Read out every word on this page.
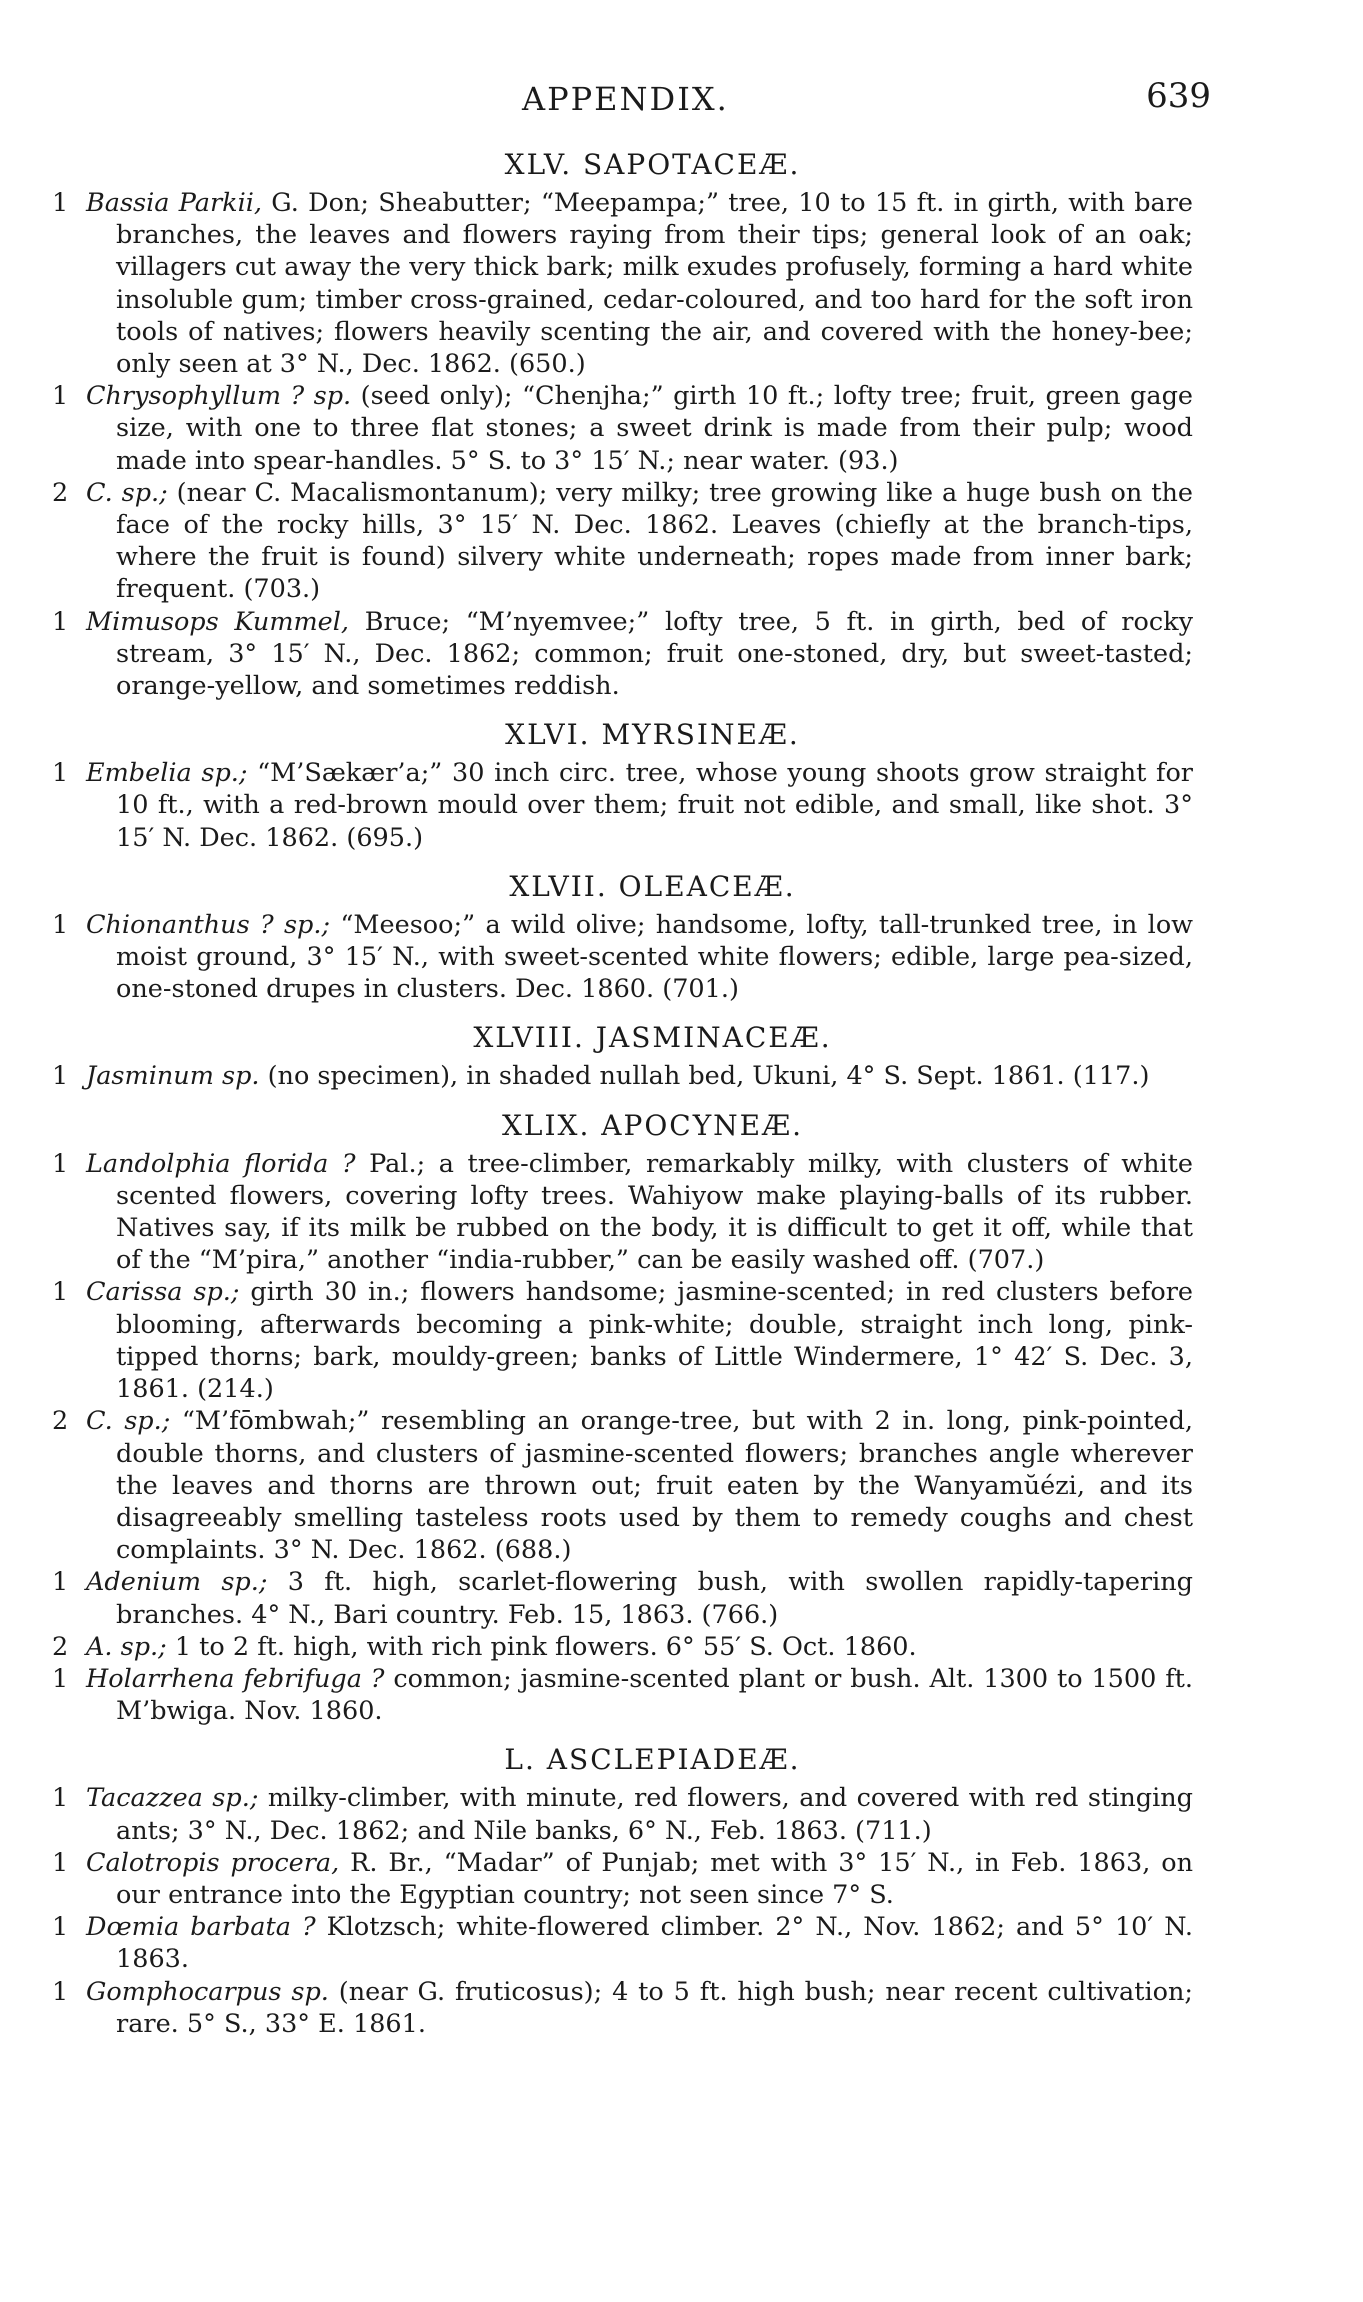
APPENDIX.	639
XLV. SAPOTACEÆ.
1 Bassia Parkii, G. Don; Sheabutter; “Meepampa;” tree, 10 to 15 ft. in girth, with bare branches, the leaves and flowers raying from their tips; general look of an oak; villagers cut away the very thick bark; milk exudes profusely, forming a hard white insoluble gum; timber cross-grained, cedar-coloured, and too hard for the soft iron tools of natives; flowers heavily scenting the air, and covered with the honey-bee; only seen at 3° N., Dec. 1862. (650.)
1 Chrysophyllum ? sp. (seed only); “Chenjha;” girth 10 ft.; lofty tree; fruit, green gage size, with one to three flat stones; a sweet drink is made from their pulp; wood made into spear-handles. 5° S. to 3° 15′ N.; near water. (93.)
2 C. sp.; (near C. Macalismontanum); very milky; tree growing like a huge bush on the face of the rocky hills, 3° 15′ N. Dec. 1862. Leaves (chiefly at the branch-tips, where the fruit is found) silvery white underneath; ropes made from inner bark; frequent. (703.)
1 Mimusops Kummel, Bruce; “M’nyemvee;” lofty tree, 5 ft. in girth, bed of rocky stream, 3° 15′ N., Dec. 1862; common; fruit one-stoned, dry, but sweet-tasted; orange-yellow, and sometimes reddish.
XLVI. MYRSINEÆ.
1 Embelia sp.; “M’Sækær’a;” 30 inch circ. tree, whose young shoots grow straight for 10 ft., with a red-brown mould over them; fruit not edible, and small, like shot. 3° 15′ N. Dec. 1862. (695.)
XLVII. OLEACEÆ.
1 Chionanthus ? sp.; “Meesoo;” a wild olive; handsome, lofty, tall-trunked tree, in low moist ground, 3° 15′ N., with sweet-scented white flowers; edible, large pea-sized, one-stoned drupes in clusters. Dec. 1860. (701.)
XLVIII. JASMINACEÆ.
1 Jasminum sp. (no specimen), in shaded nullah bed, Ukuni, 4° S. Sept. 1861. (117.)
XLIX. APOCYNEÆ.
1 Landolphia florida ? Pal.; a tree-climber, remarkably milky, with clusters of white scented flowers, covering lofty trees. Wahiyow make playing-balls of its rubber. Natives say, if its milk be rubbed on the body, it is difficult to get it off, while that of the “M’pira,” another “india-rubber,” can be easily washed off. (707.)
1 Carissa sp.; girth 30 in.; flowers handsome; jasmine-scented; in red clusters before blooming, afterwards becoming a pink-white; double, straight inch long, pink-tipped thorns; bark, mouldy-green; banks of Little Windermere, 1° 42′ S. Dec. 3, 1861. (214.)
2 C. sp.; “M’fōmbwah;” resembling an orange-tree, but with 2 in. long, pink-pointed, double thorns, and clusters of jasmine-scented flowers; branches angle wherever the leaves and thorns are thrown out; fruit eaten by the Wanyamŭézi, and its disagreeably smelling tasteless roots used by them to remedy coughs and chest complaints. 3° N. Dec. 1862. (688.)
1 Adenium sp.; 3 ft. high, scarlet-flowering bush, with swollen rapidly-tapering branches. 4° N., Bari country. Feb. 15, 1863. (766.)
2 A. sp.; 1 to 2 ft. high, with rich pink flowers. 6° 55′ S. Oct. 1860.
1 Holarrhena febrifuga ? common; jasmine-scented plant or bush. Alt. 1300 to 1500 ft. M’bwiga. Nov. 1860.
L. ASCLEPIADEÆ.
1 Tacazzea sp.; milky-climber, with minute, red flowers, and covered with red stinging ants; 3° N., Dec. 1862; and Nile banks, 6° N., Feb. 1863. (711.)
1 Calotropis procera, R. Br., “Madar” of Punjab; met with 3° 15′ N., in Feb. 1863, on our entrance into the Egyptian country; not seen since 7° S.
1 Dœmia barbata ? Klotzsch; white-flowered climber. 2° N., Nov. 1862; and 5° 10′ N. 1863.
1 Gomphocarpus sp. (near G. fruticosus); 4 to 5 ft. high bush; near recent cultivation; rare. 5° S., 33° E. 1861.
